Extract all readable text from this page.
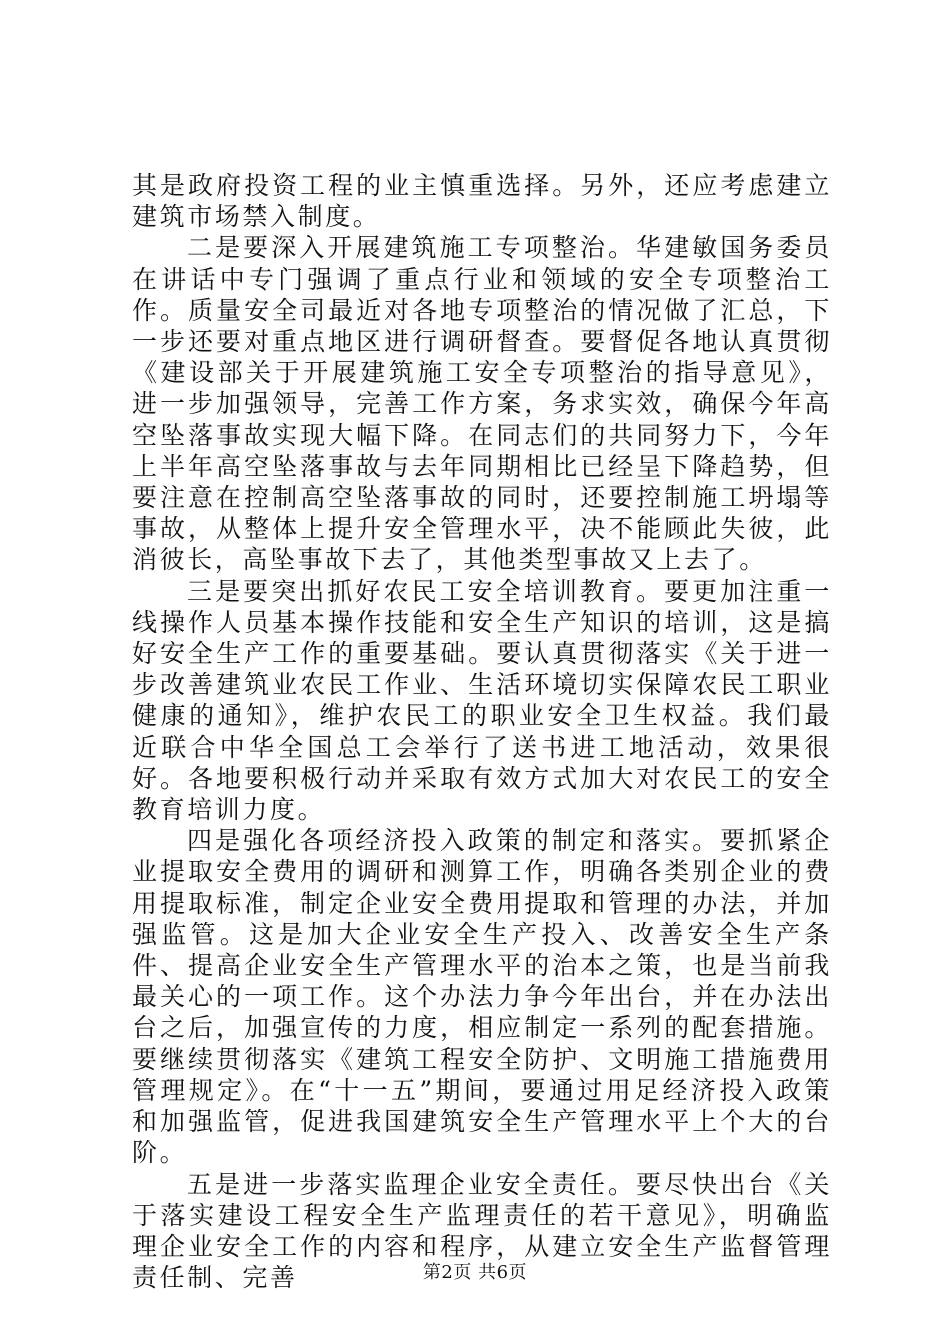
其是政府投资工程的业主慎重选择。另外，还应考虑建立建筑市场禁入制度。

二是要深入开展建筑施工专项整治。华建敏国务委员在讲话中专门强调了重点行业和领域的安全专项整治工作。质量安全司最近对各地专项整治的情况做了汇总，下一步还要对重点地区进行调研督查。要督促各地认真贯彻《建设部关于开展建筑施工安全专项整治的指导意见》，进一步加强领导，完善工作方案，务求实效，确保今年高空坠落事故实现大幅下降。在同志们的共同努力下，今年上半年高空坠落事故与去年同期相比已经呈下降趋势，但要注意在控制高空坠落事故的同时，还要控制施工坍塌等事故，从整体上提升安全管理水平，决不能顾此失彼，此消彼长，高坠事故下去了，其他类型事故又上去了。

三是要突出抓好农民工安全培训教育。要更加注重一线操作人员基本操作技能和安全生产知识的培训，这是搞好安全生产工作的重要基础。要认真贯彻落实《关于进一步改善建筑业农民工作业、生活环境切实保障农民工职业健康的通知》，维护农民工的职业安全卫生权益。我们最近联合中华全国总工会举行了送书进工地活动，效果很好。各地要积极行动并采取有效方式加大对农民工的安全教育培训力度。

四是强化各项经济投入政策的制定和落实。要抓紧企业提取安全费用的调研和测算工作，明确各类别企业的费用提取标准，制定企业安全费用提取和管理的办法，并加强监管。这是加大企业安全生产投入、改善安全生产条件、提高企业安全生产管理水平的治本之策，也是当前我最关心的一项工作。这个办法力争今年出台，并在办法出台之后，加强宣传的力度，相应制定一系列的配套措施。要继续贯彻落实《建筑工程安全防护、文明施工措施费用管理规定》。在“十一五”期间，要通过用足经济投入政策和加强监管，促进我国建筑安全生产管理水平上个大的台阶。

五是进一步落实监理企业安全责任。要尽快出台《关于落实建设工程安全生产监理责任的若干意见》，明确监理企业安全工作的内容和程序，从建立安全生产监督管理责任制、完善	第2页 共6页
